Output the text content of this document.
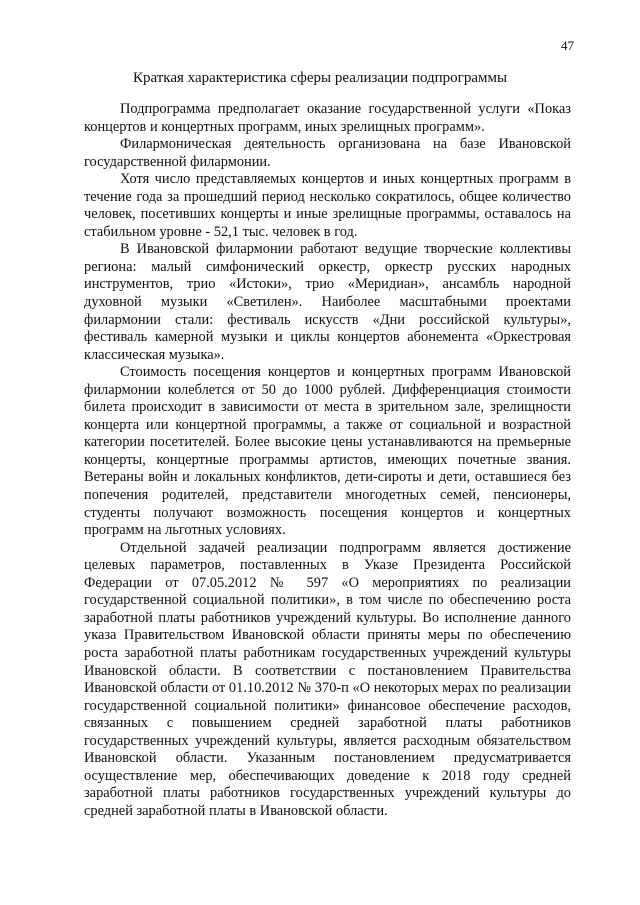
47
Краткая характеристика сферы реализации подпрограммы

Подпрограмма предполагает оказание государственной услуги «Показ концертов и концертных программ, иных зрелищных программ».

Филармоническая деятельность организована на базе Ивановской государственной филармонии.

Хотя число представляемых концертов и иных концертных программ в течение года за прошедший период несколько сократилось, общее количество человек, посетивших концерты и иные зрелищные программы, оставалось на стабильном уровне - 52,1 тыс. человек в год.

В Ивановской филармонии работают ведущие творческие коллективы региона: малый симфонический оркестр, оркестр русских народных инструментов, трио «Истоки», трио «Меридиан», ансамбль народной духовной музыки «Светилен». Наиболее масштабными проектами филармонии стали: фестиваль искусств «Дни российской культуры», фестиваль камерной музыки и циклы концертов абонемента «Оркестровая классическая музыка».

Стоимость посещения концертов и концертных программ Ивановской филармонии колеблется от 50 до 1000 рублей. Дифференциация стоимости билета происходит в зависимости от места в зрительном зале, зрелищности концерта или концертной программы, а также от социальной и возрастной категории посетителей. Более высокие цены устанавливаются на премьерные концерты, концертные программы артистов, имеющих почетные звания. Ветераны войн и локальных конфликтов, дети-сироты и дети, оставшиеся без попечения родителей, представители многодетных семей, пенсионеры, студенты получают возможность посещения концертов и концертных программ на льготных условиях.

Отдельной задачей реализации подпрограмм является достижение целевых параметров, поставленных в Указе Президента Российской Федерации от 07.05.2012 № 597 «О мероприятиях по реализации государственной социальной политики», в том числе по обеспечению роста заработной платы работников учреждений культуры. Во исполнение данного указа Правительством Ивановской области приняты меры по обеспечению роста заработной платы работникам государственных учреждений культуры Ивановской области. В соответствии с постановлением Правительства Ивановской области от 01.10.2012 № 370-п «О некоторых мерах по реализации государственной социальной политики» финансовое обеспечение расходов, связанных с повышением средней заработной платы работников государственных учреждений культуры, является расходным обязательством Ивановской области. Указанным постановлением предусматривается осуществление мер, обеспечивающих доведение к 2018 году средней заработной платы работников государственных учреждений культуры до средней заработной платы в Ивановской области.
